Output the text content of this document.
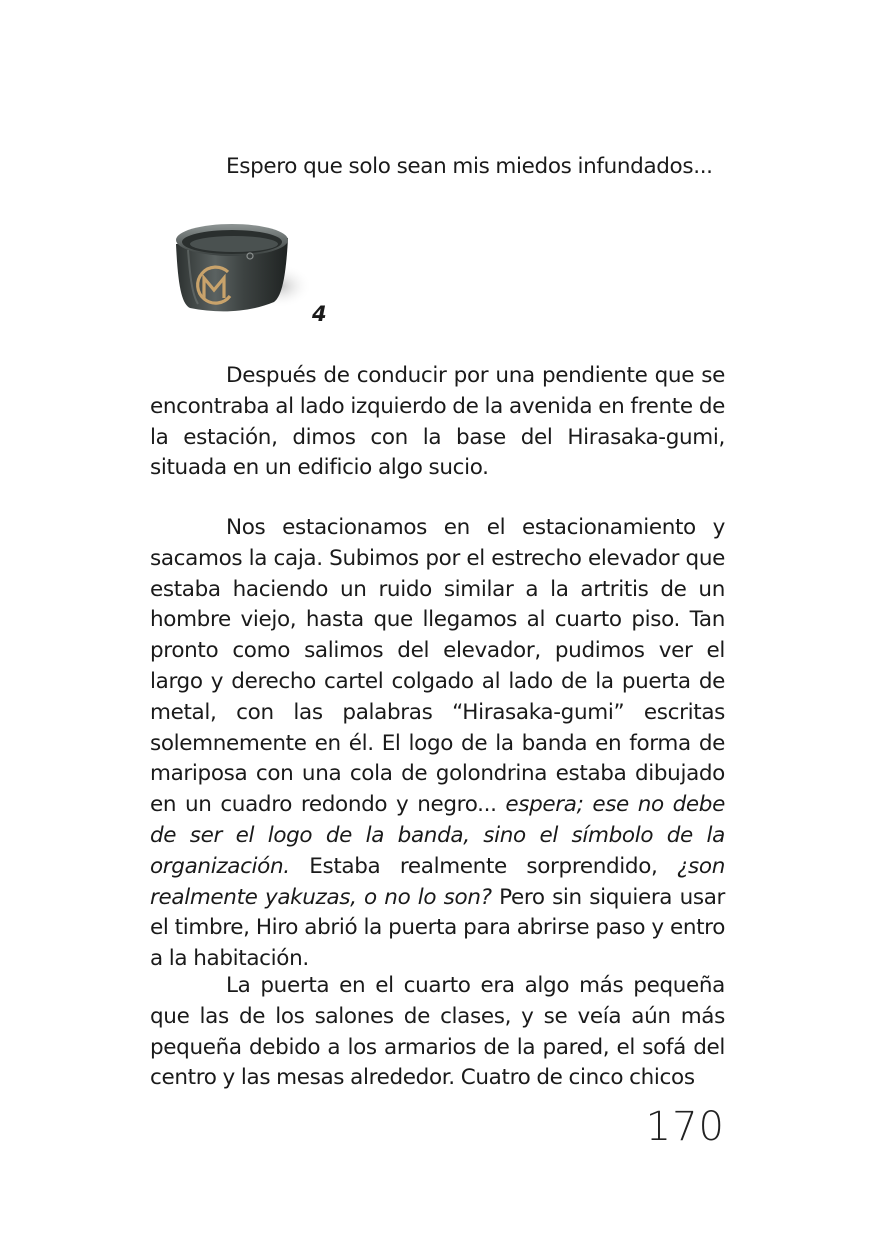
Espero que solo sean mis miedos infundados...

Después de conducir por una pendiente que se encontraba al lado izquierdo de la avenida en frente de la estación, dimos con la base del Hirasaka-gumi, situada en un edificio algo sucio.

Nos estacionamos en el estacionamiento y sacamos la caja. Subimos por el estrecho elevador que estaba haciendo un ruido similar a la artritis de un hombre viejo, hasta que llegamos al cuarto piso. Tan pronto como salimos del elevador, pudimos ver el largo y derecho cartel colgado al lado de la puerta de metal, con las palabras “Hirasaka-gumi” escritas solemnemente en él. El logo de la banda en forma de mariposa con una cola de golondrina estaba dibujado en un cuadro redondo y negro... espera; ese no debe de ser el logo de la banda, sino el símbolo de la organización. Estaba realmente sorprendido, ¿son realmente yakuzas, o no lo son? Pero sin siquiera usar el timbre, Hiro abrió la puerta para abrirse paso y entro a la habitación.

La puerta en el cuarto era algo más pequeña que las de los salones de clases, y se veía aún más pequeña debido a los armarios de la pared, el sofá del centro y las mesas alrededor. Cuatro de cinco chicos

4
170
